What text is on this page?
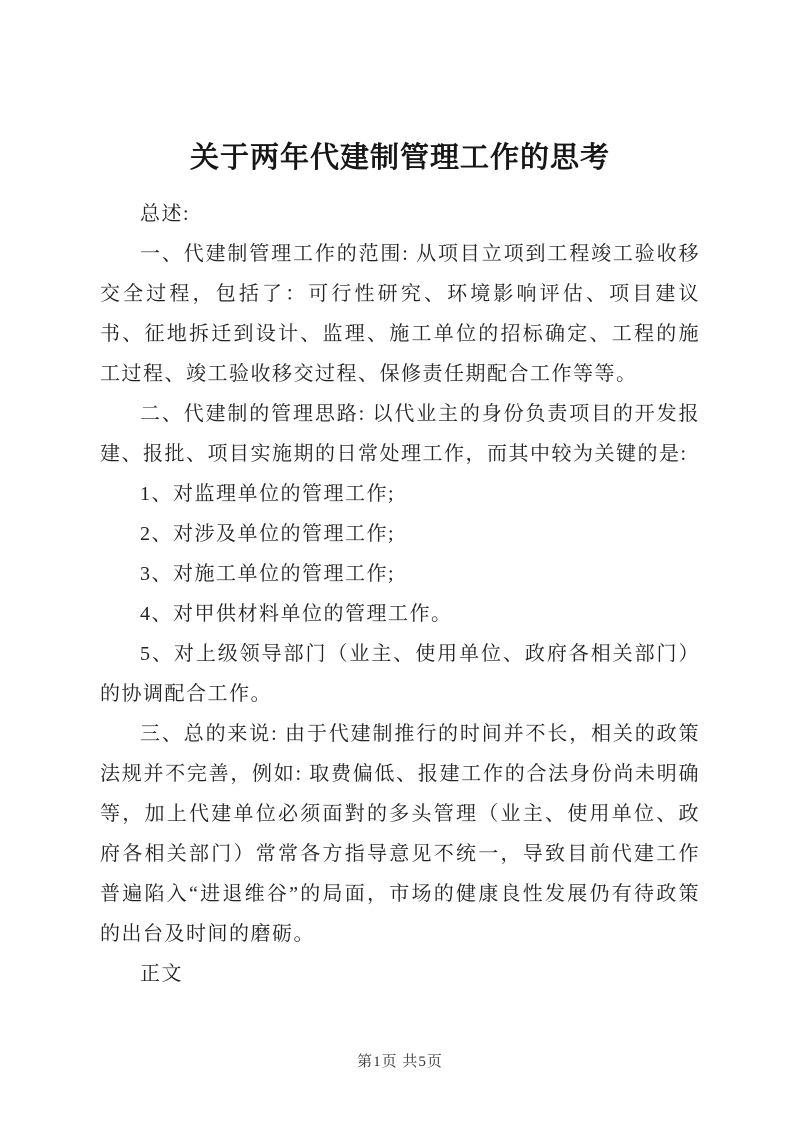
关于两年代建制管理工作的思考

总述:

一、代建制管理工作的范围: 从项目立项到工程竣工验收移交全过程，包括了：可行性研究、环境影响评估、项目建议书、征地拆迁到设计、监理、施工单位的招标确定、工程的施工过程、竣工验收移交过程、保修责任期配合工作等等。

二、代建制的管理思路: 以代业主的身份负责项目的开发报建、报批、项目实施期的日常处理工作，而其中较为关键的是:

1、对监理单位的管理工作;

2、对涉及单位的管理工作;

3、对施工单位的管理工作;

4、对甲供材料单位的管理工作。

5、对上级领导部门（业主、使用单位、政府各相关部门）的协调配合工作。

三、总的来说: 由于代建制推行的时间并不长，相关的政策法规并不完善，例如: 取费偏低、报建工作的合法身份尚未明确等，加上代建单位必须面對的多头管理（业主、使用单位、政府各相关部门）常常各方指导意见不统一，导致目前代建工作普遍陷入“进退维谷”的局面，市场的健康良性发展仍有待政策的出台及时间的磨砺。

正文

第1页 共5页
